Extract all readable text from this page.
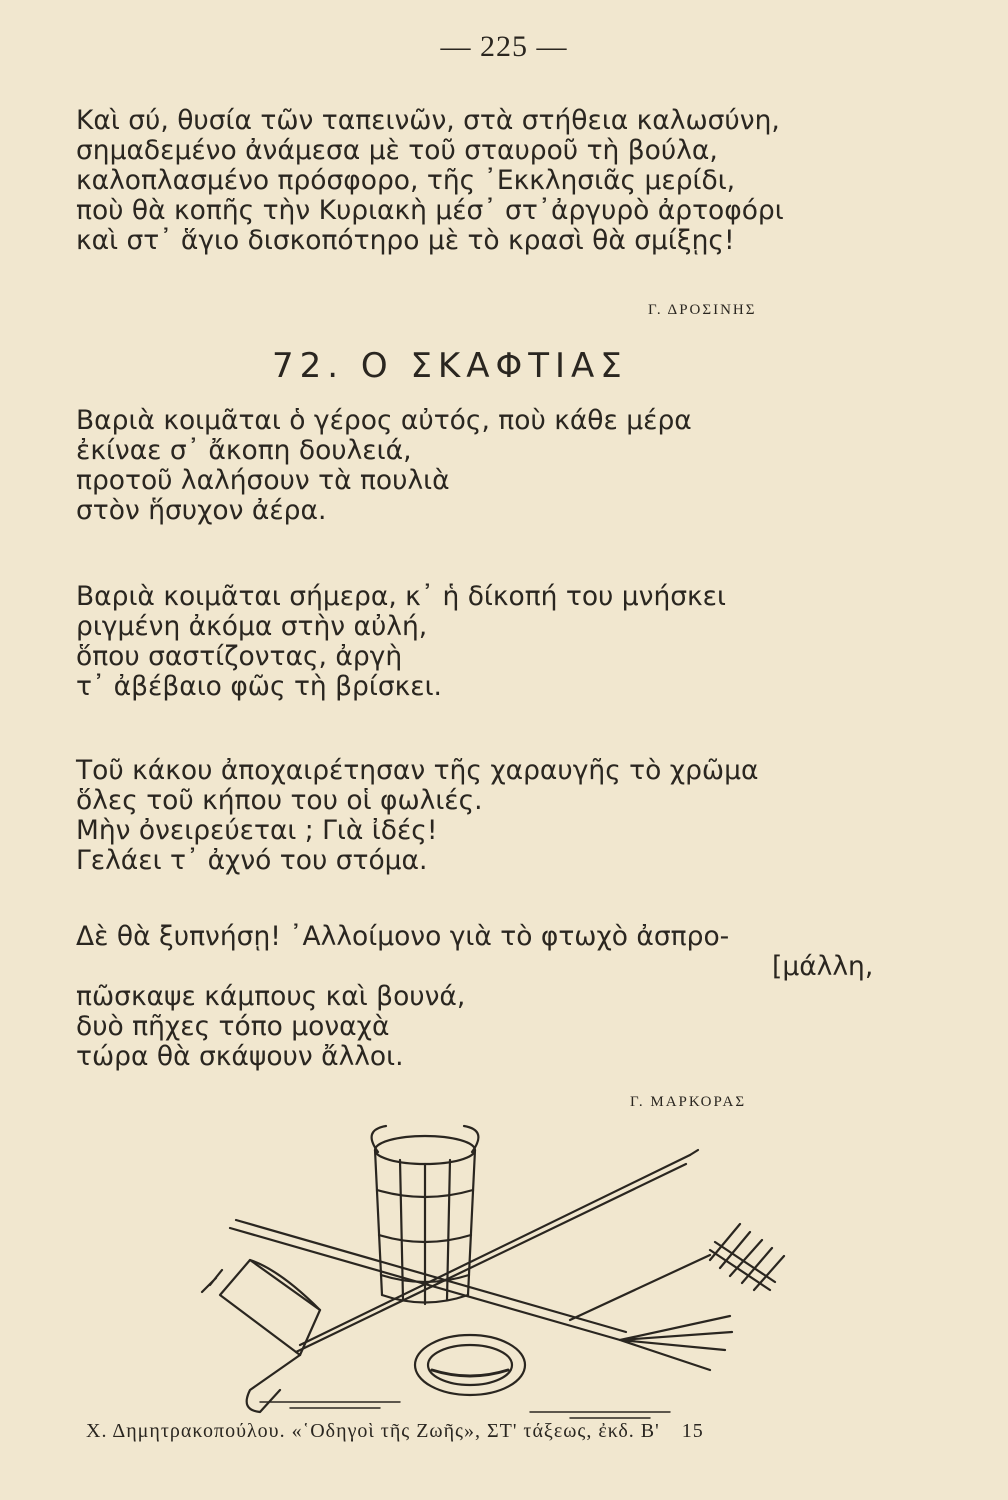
— 225 —
Καὶ σύ, θυσία τῶν ταπεινῶν, στὰ στήθεια καλωσύνη,
σημαδεμένο ἀνάμεσα μὲ τοῦ σταυροῦ τὴ βούλα,
καλοπλασμένο πρόσφορο, τῆς ᾿Εκκλησιᾶς μερίδι,
ποὺ θὰ κοπῆς τὴν Κυριακὴ μέσ᾿ στ᾿ἀργυρὸ ἀρτοφόρι
καὶ στ᾿ ἅγιο δισκοπότηρο μὲ τὸ κρασὶ θὰ σμίξῃς!
Γ. ΔΡΟΣΙΝΗΣ
72. Ο ΣΚΑΦΤΙΑΣ
Βαριὰ κοιμᾶται ὁ γέρος αὐτός, ποὺ κάθε μέρα
ἐκίναε σ᾿ ἄκοπη δουλειά,
προτοῦ λαλήσουν τὰ πουλιὰ
στὸν ἥσυχον ἀέρα.
Βαριὰ κοιμᾶται σήμερα, κ᾿ ἡ δίκοπή του μνήσκει
ριγμένη ἀκόμα στὴν αὐλή,
ὅπου σαστίζοντας, ἀργὴ
τ᾿ ἀβέβαιο φῶς τὴ βρίσκει.
Τοῦ κάκου ἀποχαιρέτησαν τῆς χαραυγῆς τὸ χρῶμα
ὅλες τοῦ κήπου του οἱ φωλιές.
Μὴν ὀνειρεύεται ; Γιὰ ἰδές!
Γελάει τ᾿ ἀχνό του στόμα.
Δὲ θὰ ξυπνήσῃ! ᾿Αλλοίμονο γιὰ τὸ φτωχὸ ἀσπρο-
[μάλλη,
πῶσκαψε κάμπους καὶ βουνά,
δυὸ πῆχες τόπο μοναχὰ
τώρα θὰ σκάψουν ἄλλοι.
Γ. ΜΑΡΚΟΡΑΣ
Χ. Δημητρακοπούλου. «῾Οδηγοὶ τῆς Ζωῆς», ΣΤ' τάξεως, ἐκδ. Β' 15
